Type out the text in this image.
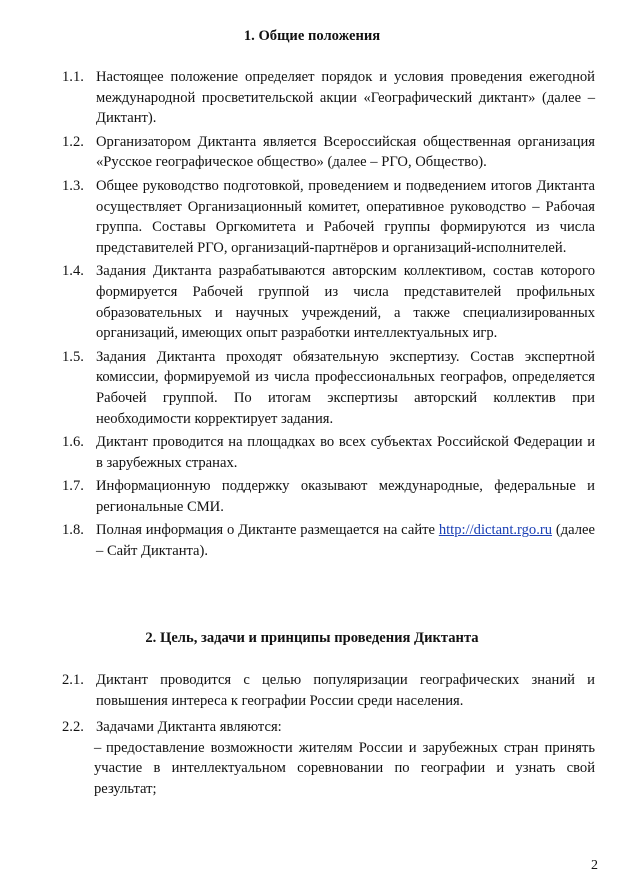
1. Общие положения
1.1. Настоящее положение определяет порядок и условия проведения ежегодной международной просветительской акции «Географический диктант» (далее – Диктант).
1.2. Организатором Диктанта является Всероссийская общественная организация «Русское географическое общество» (далее – РГО, Общество).
1.3. Общее руководство подготовкой, проведением и подведением итогов Диктанта осуществляет Организационный комитет, оперативное руководство – Рабочая группа. Составы Оргкомитета и Рабочей группы формируются из числа представителей РГО, организаций-партнёров и организаций-исполнителей.
1.4. Задания Диктанта разрабатываются авторским коллективом, состав которого формируется Рабочей группой из числа представителей профильных образовательных и научных учреждений, а также специализированных организаций, имеющих опыт разработки интеллектуальных игр.
1.5. Задания Диктанта проходят обязательную экспертизу. Состав экспертной комиссии, формируемой из числа профессиональных географов, определяется Рабочей группой. По итогам экспертизы авторский коллектив при необходимости корректирует задания.
1.6. Диктант проводится на площадках во всех субъектах Российской Федерации и в зарубежных странах.
1.7. Информационную поддержку оказывают международные, федеральные и региональные СМИ.
1.8. Полная информация о Диктанте размещается на сайте http://dictant.rgo.ru (далее – Сайт Диктанта).
2. Цель, задачи и принципы проведения Диктанта
2.1. Диктант проводится с целью популяризации географических знаний и повышения интереса к географии России среди населения.
2.2. Задачами Диктанта являются:
– предоставление возможности жителям России и зарубежных стран принять участие в интеллектуальном соревновании по географии и узнать свой результат;
2
